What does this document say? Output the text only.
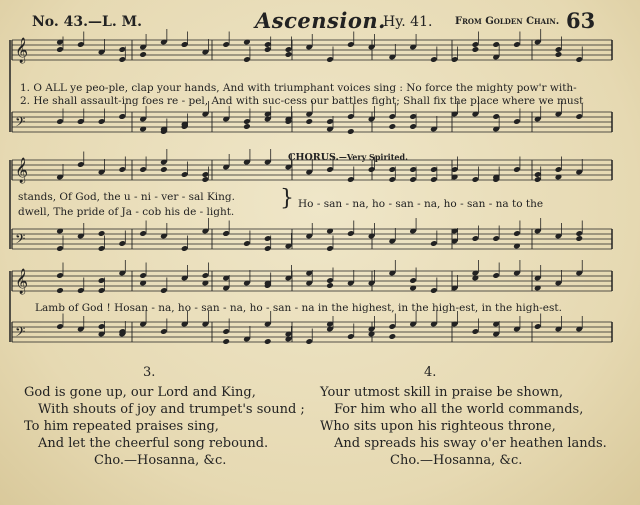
No. 43.—L. M.	Ascension.
Hy. 41. From Golden Chain. 63
𝄞
𝄢
𝄞
𝄢
𝄞
𝄢
1. O ALL ye peo-ple, clap your hands, And with triumphant voices sing : No force the mighty pow'r with-
2. He shall assault-ing foes re - pel, And with suc-cess our battles fight; Shall fix the place where we must
stands, Of God, the u - ni - ver - sal King.
dwell, The pride of Ja - cob his de - light.
Ho - san - na, ho - san - na, ho - san - na to the
}
CHORUS.—Very Spirited.
Lamb of God ! Hosan - na, ho - san - na, ho - san - na in the highest, in the high-est, in the high-est.
3.	4.
God is gone up, our Lord and King,
With shouts of joy and trumpet's sound ;
To him repeated praises sing,
And let the cheerful song rebound.
Cho.—Hosanna, &c.
Your utmost skill in praise be shown,
For him who all the world commands,
Who sits upon his righteous throne,
And spreads his sway o'er heathen lands.
Cho.—Hosanna, &c.
